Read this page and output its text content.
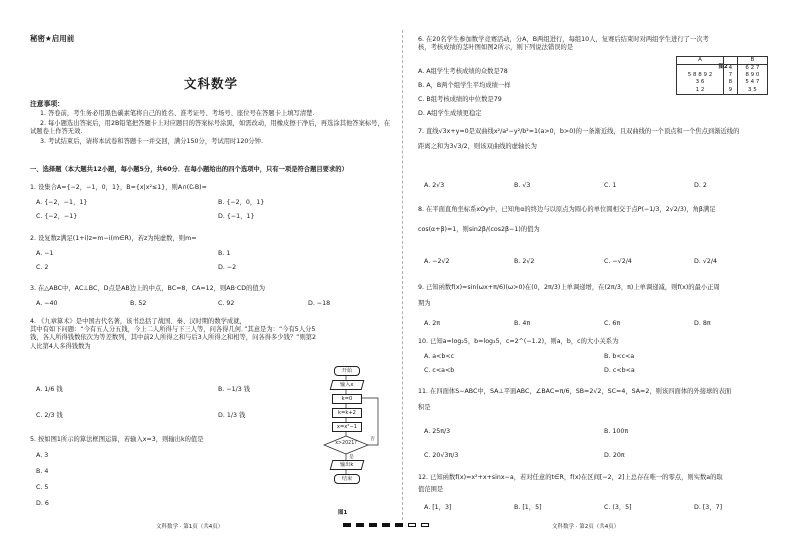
秘密★启用前
文科数学
注意事项：

1. 答卷前，考生务必用黑色碳素笔将自己的姓名、准考证号、考场号、座位号在答题卡上填写清楚.

2. 每小题选出答案后，用2B铅笔把答题卡上对应题目的答案标号涂黑，如需改动，用橡皮擦干净后，再选涂其他答案标号，在试题卷上作答无效.

3. 考试结束后，请将本试卷和答题卡一并交回，满分150分，考试用时120分钟.

一、选择题（本大题共12小题，每小题5分，共60分．在每小题给出的四个选项中，只有一项是符合题目要求的）
1. 设集合A={−2，−1，0，1}，B={x|x²≤1}，则A∩(∁ᵣB)=
A. {−2，−1，1}	B. {−2，0，1}
C. {−2，−1}	D. {−1，1}
2. 设复数z满足(1+i)z=m−i(m∈R)，若z为纯虚数，则m=
A. −1	B. 1
C. 2	D. −2
3. 在△ABC中，AC⊥BC，D点是AB边上的中点，BC=8，CA=12，则AB·CD的值为
A. −40	B. 52	C. 92	D. −18
4. 《九章算术》是中国古代名著，该书总括了战国、秦、汉时期的数学成就，
其中有如下问题：“今有五人分五钱，今上二人所得与下三人等，问各得几何．”其意是为：“今有5人分5
钱，各人所得钱数依次为等差数列，其中前2人所得之和与后3人所得之和相等，问各得多少钱？”则第2
人比第4人多得钱数为
A. 1/6 钱	B. −1/3 钱
C. 2/3 钱	D. 1/3 钱
5. 按如图1所示的算法框图运算，若输入x=3，则输出k的值是
A. 3
B. 4
C. 5
D. 6
开始
输入x
k=0
k=k+2
x=x²−1
x>2021?
否
是
输出k
结束
图1
文科数学 · 第1页（共4页）
6. 在20名学生参加数学竞赛活动，分A，B两组进行，每组10人，复赛后结束时对两组学生进行了一次考
核，考核成绩的茎叶图如图2所示，则下列说法错误的是
A. A组学生考核成绩的众数是78
B. A，B两个组学生平均成绩一样
C. B组考核成绩的中位数是79
D. A组学生成绩更稳定
A		B
	4	6 2 7
5 8 8 9 2	7	8 9 0
3 6	8	5 4 7
1 2	9	3 5
图2
7. 直线√3x+y=0是双曲线x²/a²−y²/b²=1(a>0，b>0)的一条渐近线，且双曲线的一个顶点和一个焦点到渐近线的
距离之和为3√3/2，则该双曲线的虚轴长为
A. 2√3	B. √3	C. 1	D. 2
8. 在平面直角坐标系xOy中，已知角α的终边与以原点为圆心的单位圆相交于点P(−1/3，2√2/3)，角β满足
cos(α+β)=1，则sin2β/(cos2β−1)的值为
A. −2√2	B. 2√2	C. −√2/4	D. √2/4
9. 已知函数f(x)=sin(ωx+π/6)(ω>0)在(0，2π/3)上单调递增，在(2π/3，π)上单调递减，则f(x)的最小正周
期为
A. 2π	B. 4π	C. 6π	D. 8π
10. 已知a=log₂5，b=log₃5，c=2^(−1.2)，则a，b，c的大小关系为
A. a<b<c	B. b<c<a
C. c<a<b	D. c<b<a
11. 在四面体S−ABC中，SA⊥平面ABC，∠BAC=π/6，SB=2√2，SC=4，SA=2，则该四面体的外接球的表面
积是
A. 25π/3	B. 100π
C. 20√3π/3	D. 20π
12. 已知函数f(x)=x²+x+sinx−a，若对任意的t∈R，f(x)在区间[−2，2]上总存在唯一的零点，则实数a的取
值范围是
A. [1，3]	B. [1，5]	C. (3，5]	D. [3，7]
文科数学 · 第2页（共4页）
